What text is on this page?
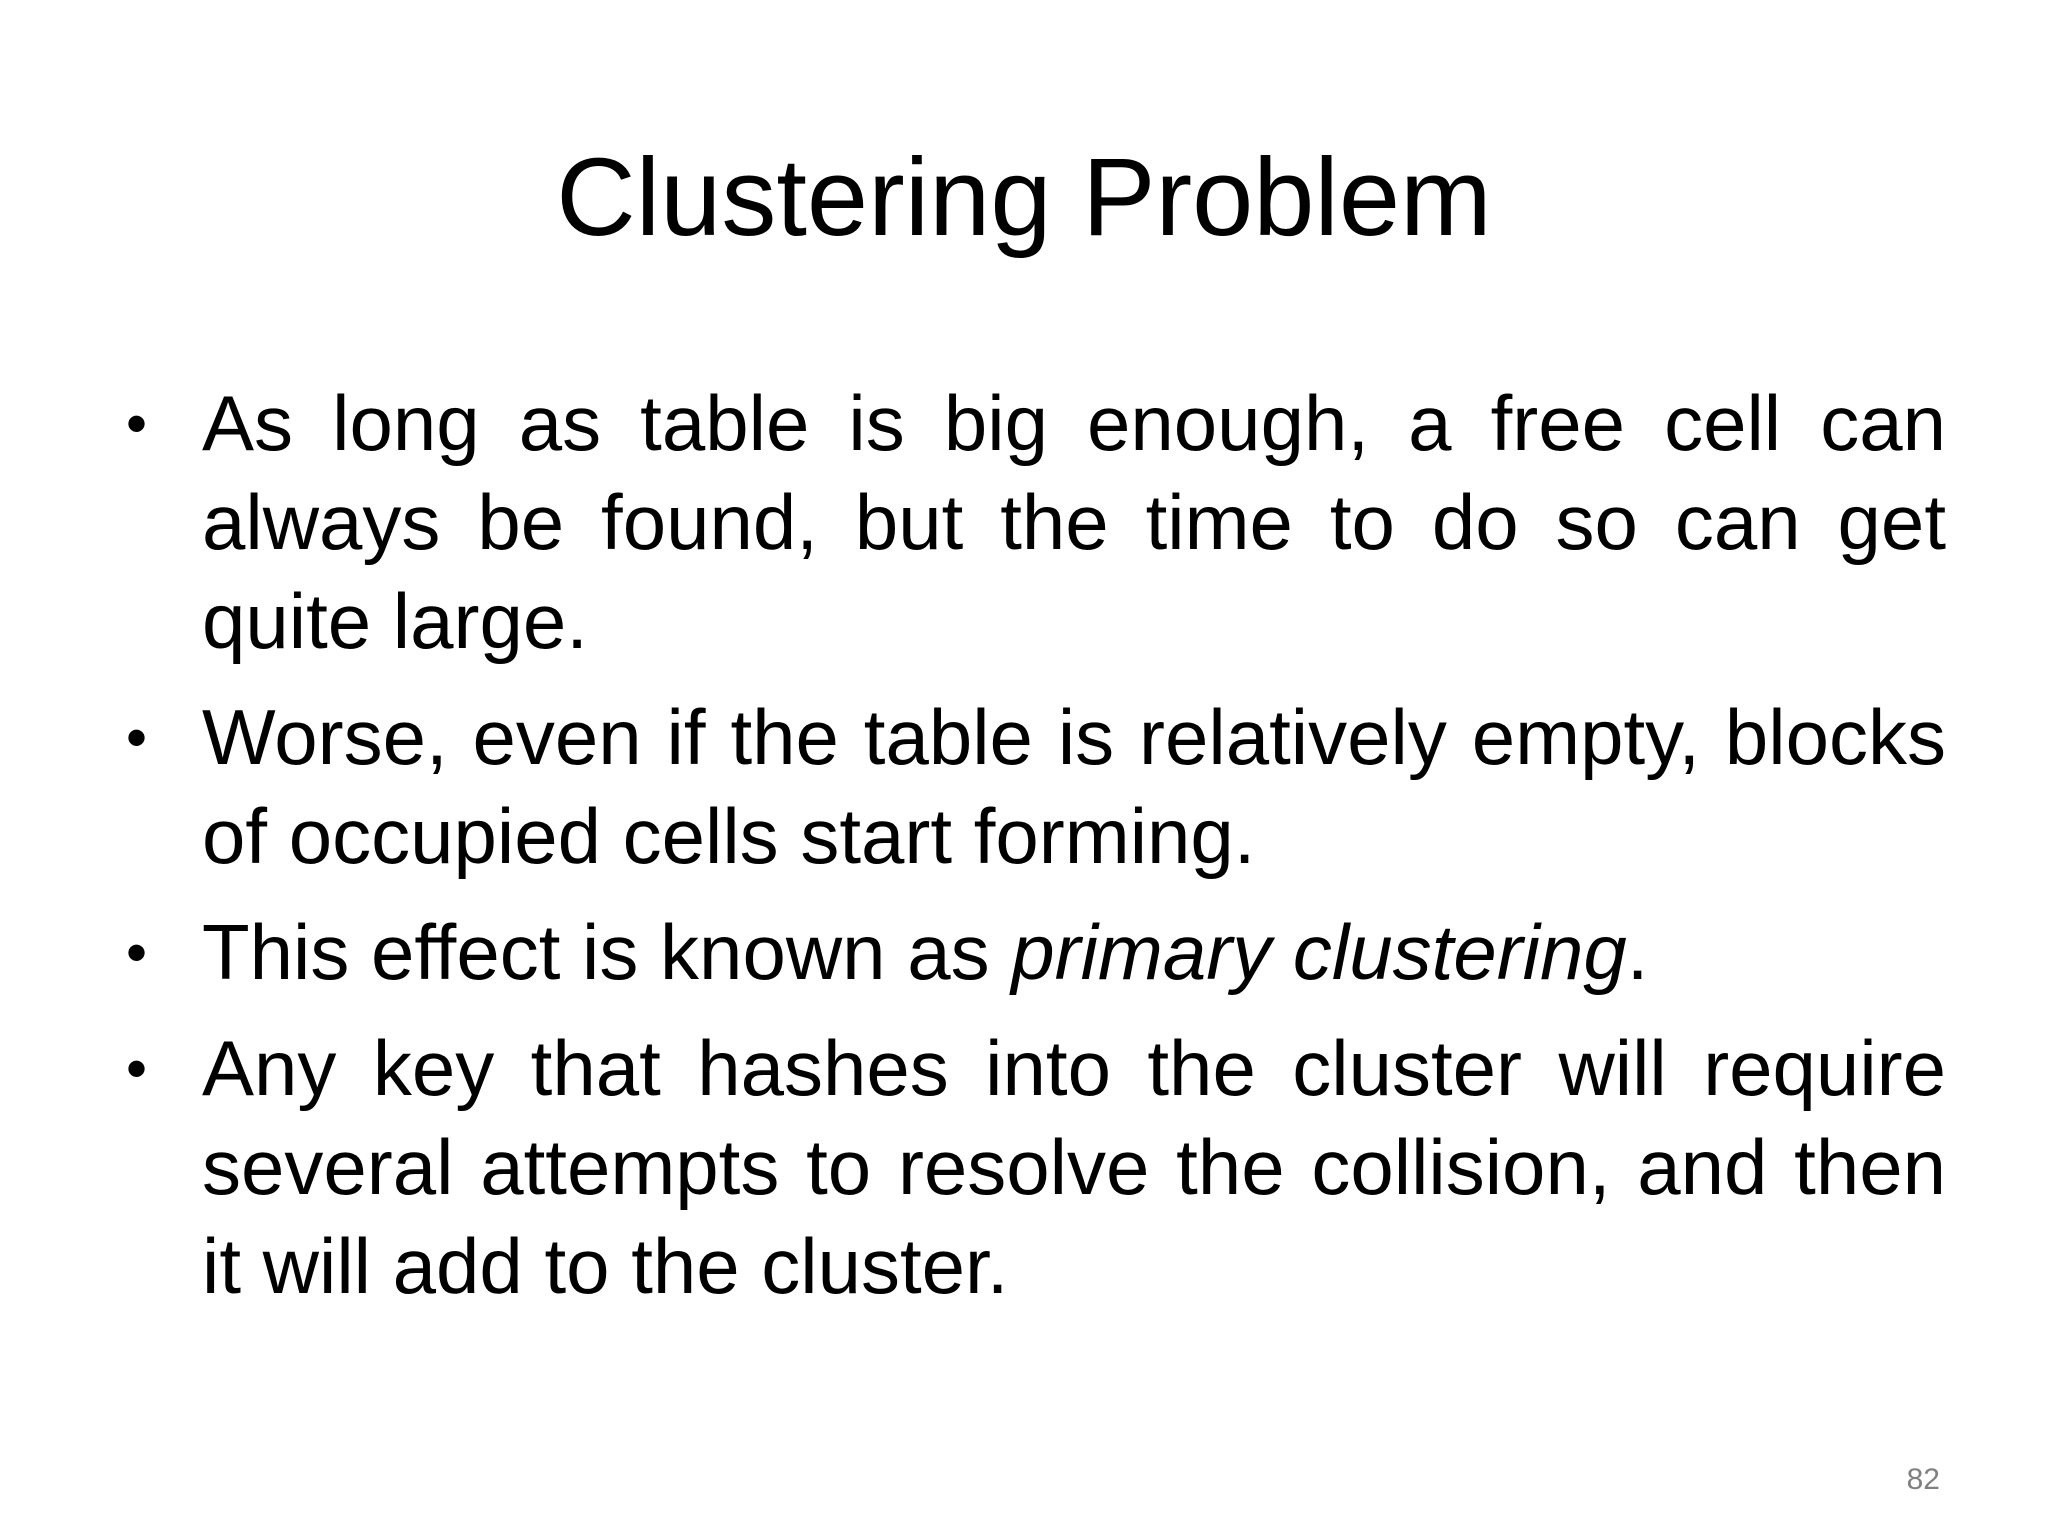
Clustering Problem
• As long as table is big enough, a free cell can always be found, but the time to do so can get quite large.
• Worse, even if the table is relatively empty, blocks of occupied cells start forming.
• This effect is known as primary clustering.
• Any key that hashes into the cluster will require several attempts to resolve the collision, and then it will add to the cluster.
82
